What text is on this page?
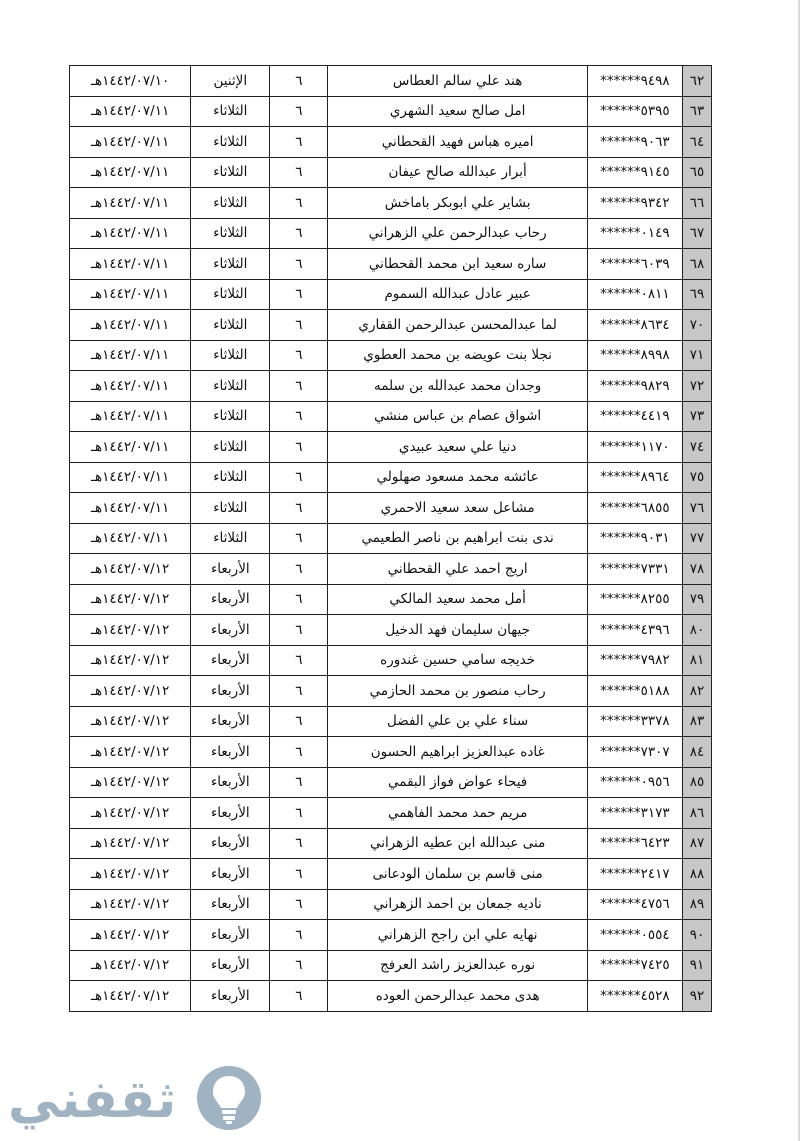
٦٢	******٩٤٩٨	هند علي سالم العطاس	٦	الإثنين	١٤٤٢/٠٧/١٠هـ
٦٣	******٥٣٩٥	امل صالح سعيد الشهري	٦	الثلاثاء	١٤٤٢/٠٧/١١هـ
٦٤	******٩٠٦٣	اميره هباس فهيد القحطاني	٦	الثلاثاء	١٤٤٢/٠٧/١١هـ
٦٥	******٩١٤٥	أبرار عبدالله صالح عيفان	٦	الثلاثاء	١٤٤٢/٠٧/١١هـ
٦٦	******٩٣٤٢	بشاير علي ابوبكر باماخش	٦	الثلاثاء	١٤٤٢/٠٧/١١هـ
٦٧	******٠١٤٩	رحاب عبدالرحمن علي الزهراني	٦	الثلاثاء	١٤٤٢/٠٧/١١هـ
٦٨	******٦٠٣٩	ساره سعيد ابن محمد القحطاني	٦	الثلاثاء	١٤٤٢/٠٧/١١هـ
٦٩	******٠٨١١	عبير عادل عبدالله السموم	٦	الثلاثاء	١٤٤٢/٠٧/١١هـ
٧٠	******٨٦٣٤	لما عبدالمحسن عبدالرحمن القفاري	٦	الثلاثاء	١٤٤٢/٠٧/١١هـ
٧١	******٨٩٩٨	نجلا بنت عويضه بن محمد العطوي	٦	الثلاثاء	١٤٤٢/٠٧/١١هـ
٧٢	******٩٨٢٩	وجدان محمد عبدالله بن سلمه	٦	الثلاثاء	١٤٤٢/٠٧/١١هـ
٧٣	******٤٤١٩	اشواق عصام بن عباس منشي	٦	الثلاثاء	١٤٤٢/٠٧/١١هـ
٧٤	******١١٧٠	دنيا علي سعيد عبيدي	٦	الثلاثاء	١٤٤٢/٠٧/١١هـ
٧٥	******٨٩٦٤	عائشه محمد مسعود صهلولي	٦	الثلاثاء	١٤٤٢/٠٧/١١هـ
٧٦	******٦٨٥٥	مشاعل سعد سعيد الاحمري	٦	الثلاثاء	١٤٤٢/٠٧/١١هـ
٧٧	******٩٠٣١	ندى بنت ابراهيم بن ناصر الطعيمي	٦	الثلاثاء	١٤٤٢/٠٧/١١هـ
٧٨	******٧٣٣١	اريج احمد علي القحطاني	٦	الأربعاء	١٤٤٢/٠٧/١٢هـ
٧٩	******٨٢٥٥	أمل محمد سعيد المالكي	٦	الأربعاء	١٤٤٢/٠٧/١٢هـ
٨٠	******٤٣٩٦	جيهان سليمان فهد الدخيل	٦	الأربعاء	١٤٤٢/٠٧/١٢هـ
٨١	******٧٩٨٢	خديجه سامي حسين غندوره	٦	الأربعاء	١٤٤٢/٠٧/١٢هـ
٨٢	******٥١٨٨	رحاب منصور بن محمد الحازمي	٦	الأربعاء	١٤٤٢/٠٧/١٢هـ
٨٣	******٣٣٧٨	سناء علي بن علي الفضل	٦	الأربعاء	١٤٤٢/٠٧/١٢هـ
٨٤	******٧٣٠٧	غاده عبدالعزيز ابراهيم الحسون	٦	الأربعاء	١٤٤٢/٠٧/١٢هـ
٨٥	******٠٩٥٦	فيحاء عواض فواز البقمي	٦	الأربعاء	١٤٤٢/٠٧/١٢هـ
٨٦	******٣١٧٣	مريم حمد محمد الفاهمي	٦	الأربعاء	١٤٤٢/٠٧/١٢هـ
٨٧	******٦٤٢٣	منى عبدالله ابن عطيه الزهراني	٦	الأربعاء	١٤٤٢/٠٧/١٢هـ
٨٨	******٢٤١٧	منى قاسم بن سلمان الودعانى	٦	الأربعاء	١٤٤٢/٠٧/١٢هـ
٨٩	******٤٧٥٦	ناديه جمعان بن احمد الزهراني	٦	الأربعاء	١٤٤٢/٠٧/١٢هـ
٩٠	******٠٥٥٤	نهايه علي ابن راجح الزهراني	٦	الأربعاء	١٤٤٢/٠٧/١٢هـ
٩١	******٧٤٢٥	نوره عبدالعزيز راشد العرفج	٦	الأربعاء	١٤٤٢/٠٧/١٢هـ
٩٢	******٤٥٢٨	هدى محمد عبدالرحمن العوده	٦	الأربعاء	١٤٤٢/٠٧/١٢هـ
ثقفني
